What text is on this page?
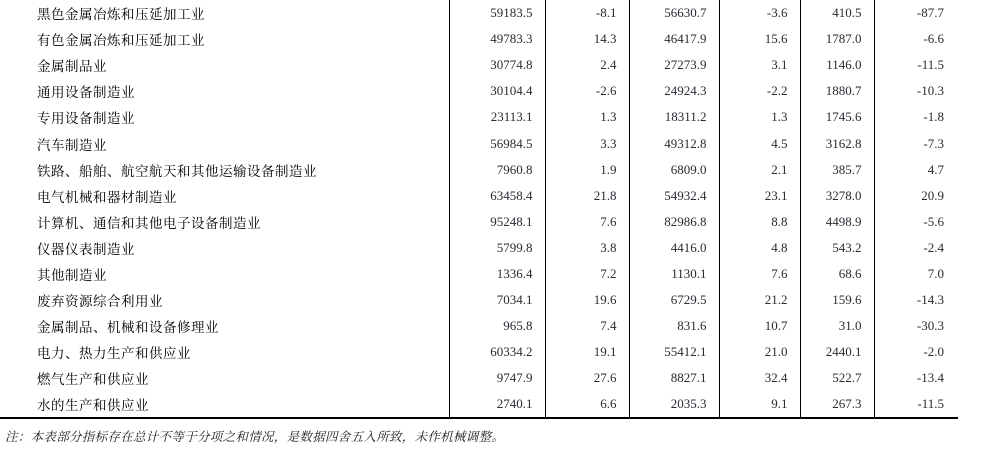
黑色金属冶炼和压延加工业	59183.5	-8.1	56630.7	-3.6	410.5	-87.7
有色金属冶炼和压延加工业	49783.3	14.3	46417.9	15.6	1787.0	-6.6
金属制品业	30774.8	2.4	27273.9	3.1	1146.0	-11.5
通用设备制造业	30104.4	-2.6	24924.3	-2.2	1880.7	-10.3
专用设备制造业	23113.1	1.3	18311.2	1.3	1745.6	-1.8
汽车制造业	56984.5	3.3	49312.8	4.5	3162.8	-7.3
铁路、船舶、航空航天和其他运输设备制造业	7960.8	1.9	6809.0	2.1	385.7	4.7
电气机械和器材制造业	63458.4	21.8	54932.4	23.1	3278.0	20.9
计算机、通信和其他电子设备制造业	95248.1	7.6	82986.8	8.8	4498.9	-5.6
仪器仪表制造业	5799.8	3.8	4416.0	4.8	543.2	-2.4
其他制造业	1336.4	7.2	1130.1	7.6	68.6	7.0
废弃资源综合利用业	7034.1	19.6	6729.5	21.2	159.6	-14.3
金属制品、机械和设备修理业	965.8	7.4	831.6	10.7	31.0	-30.3
电力、热力生产和供应业	60334.2	19.1	55412.1	21.0	2440.1	-2.0
燃气生产和供应业	9747.9	27.6	8827.1	32.4	522.7	-13.4
水的生产和供应业	2740.1	6.6	2035.3	9.1	267.3	-11.5
注：本表部分指标存在总计不等于分项之和情况，是数据四舍五入所致，未作机械调整。
